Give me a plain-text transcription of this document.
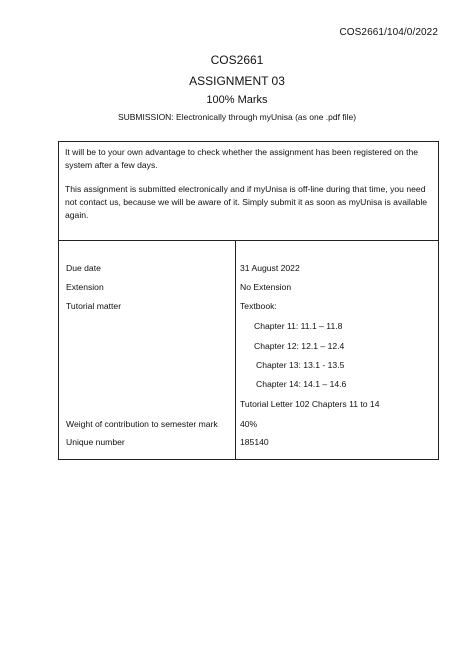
COS2661/104/0/2022
COS2661
ASSIGNMENT 03
100% Marks
SUBMISSION: Electronically through myUnisa (as one .pdf file)

It will be to your own advantage to check whether the assignment has been registered on the system after a few days.

This assignment is submitted electronically and if myUnisa is off-line during that time, you need not contact us, because we will be aware of it. Simply submit it as soon as myUnisa is available again.

Due date	31 August 2022
Extension	No Extension
Tutorial matter	Textbook:
Chapter 11: 11.1 – 11.8
Chapter 12: 12.1 – 12.4
Chapter 13: 13.1 - 13.5
Chapter 14: 14.1 – 14.6
Tutorial Letter 102 Chapters 11 to 14
Weight of contribution to semester mark	40%
Unique number	185140
